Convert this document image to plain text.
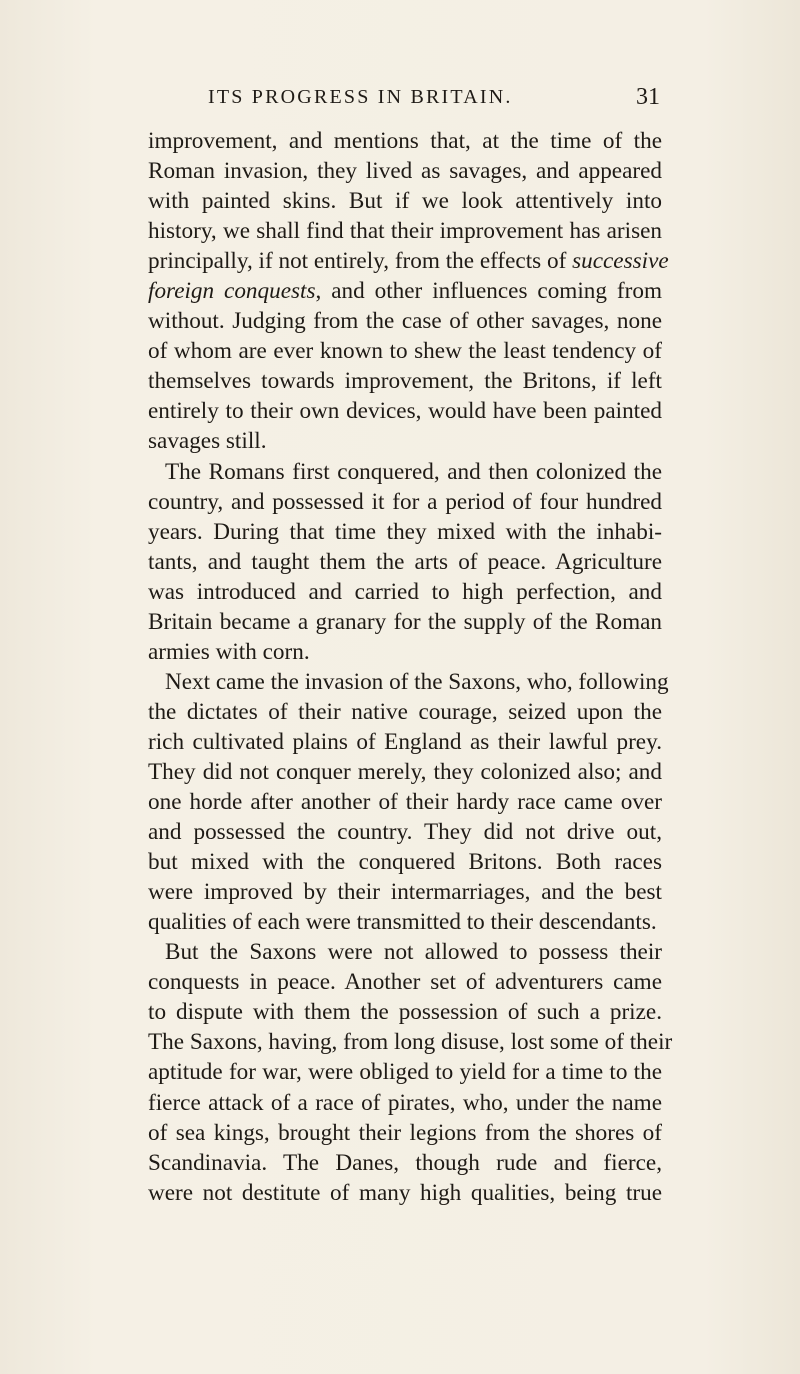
ITS PROGRESS IN BRITAIN.	31
improvement, and mentions that, at the time of the
Roman invasion, they lived as savages, and appeared
with painted skins. But if we look attentively into
history, we shall find that their improvement has arisen
principally, if not entirely, from the effects of successive
foreign conquests, and other influences coming from
without. Judging from the case of other savages, none
of whom are ever known to shew the least tendency of
themselves towards improvement, the Britons, if left
entirely to their own devices, would have been painted
savages still.
The Romans first conquered, and then colonized the
country, and possessed it for a period of four hundred
years. During that time they mixed with the inhabi-
tants, and taught them the arts of peace. Agriculture
was introduced and carried to high perfection, and
Britain became a granary for the supply of the Roman
armies with corn.
Next came the invasion of the Saxons, who, following
the dictates of their native courage, seized upon the
rich cultivated plains of England as their lawful prey.
They did not conquer merely, they colonized also; and
one horde after another of their hardy race came over
and possessed the country. They did not drive out,
but mixed with the conquered Britons. Both races
were improved by their intermarriages, and the best
qualities of each were transmitted to their descendants.
But the Saxons were not allowed to possess their
conquests in peace. Another set of adventurers came
to dispute with them the possession of such a prize.
The Saxons, having, from long disuse, lost some of their
aptitude for war, were obliged to yield for a time to the
fierce attack of a race of pirates, who, under the name
of sea kings, brought their legions from the shores of
Scandinavia. The Danes, though rude and fierce,
were not destitute of many high qualities, being true
